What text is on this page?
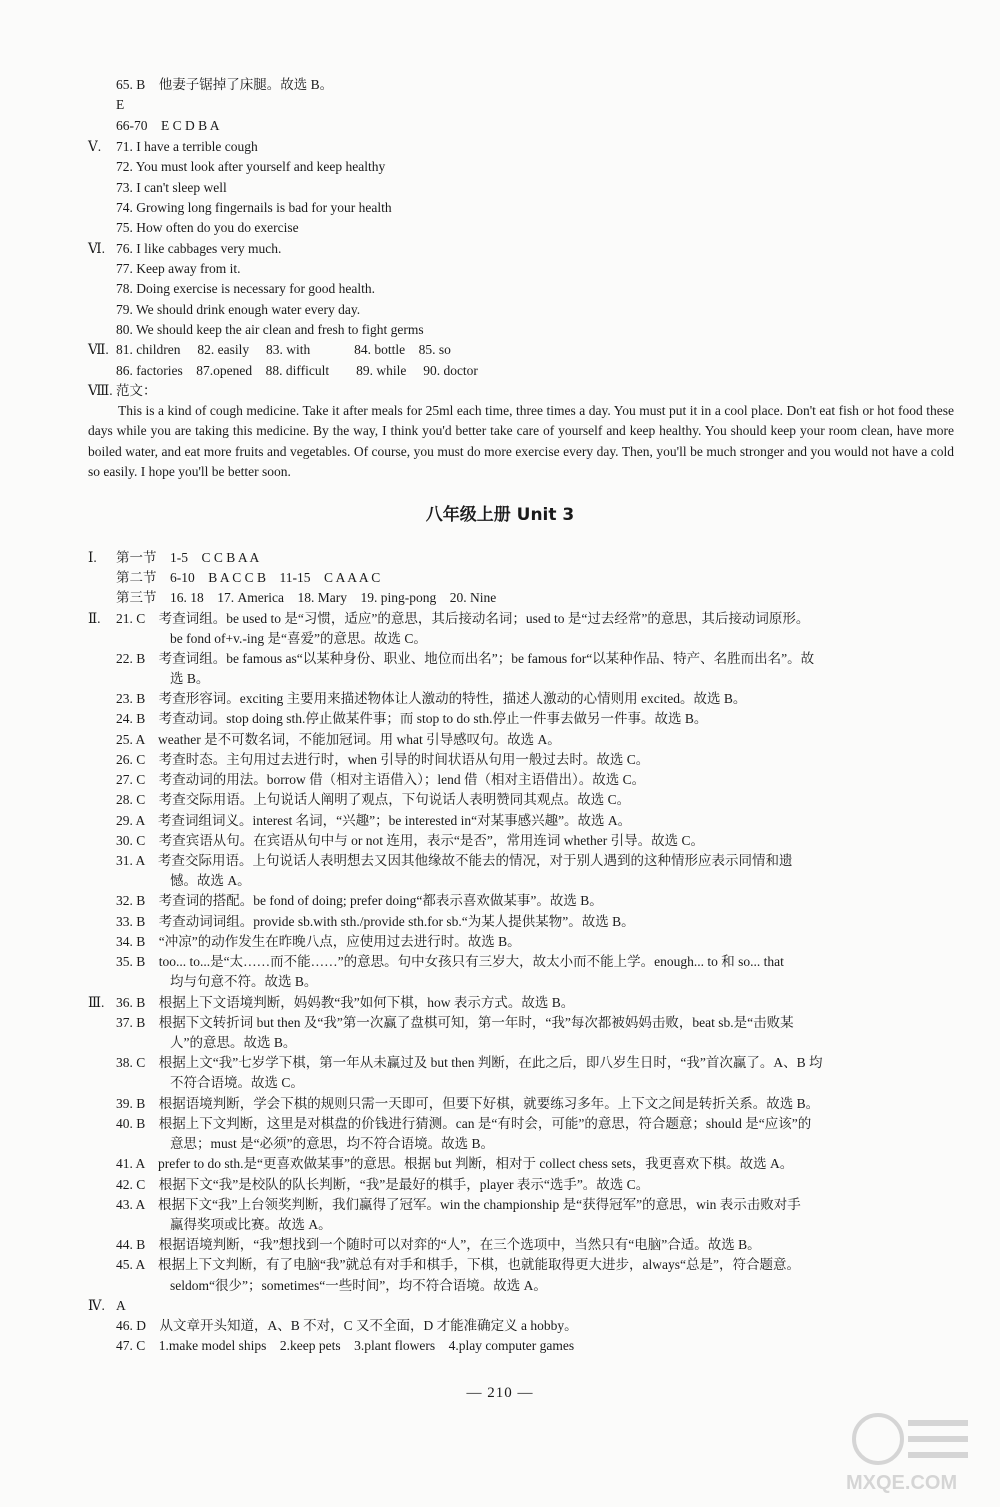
65. B　他妻子锯掉了床腿。故选 B。
E
66-70　E C D B A
Ⅴ. 71. I have a terrible cough
72. You must look after yourself and keep healthy
73. I can't sleep well
74. Growing long fingernails is bad for your health
75. How often do you do exercise
Ⅵ. 76. I like cabbages very much.
77. Keep away from it.
78. Doing exercise is necessary for good health.
79. We should drink enough water every day.
80. We should keep the air clean and fresh to fight germs
Ⅶ. 81. children　 82. easily　 83. with　　　 84. bottle　85. so
86. factories　87.opened　88. difficult　　89. while　 90. doctor
Ⅷ. 范文：
This is a kind of cough medicine. Take it after meals for 25ml each time, three times a day. You must put it in a cool place. Don't eat fish or hot food these days while you are taking this medicine. By the way, I think you'd better take care of yourself and keep healthy. You should keep your room clean, have more boiled water, and eat more fruits and vegetables. Of course, you must do more exercise every day. Then, you'll be much stronger and you would not have a cold so easily. I hope you'll be better soon.
八年级上册 Unit 3
Ⅰ. 第一节　1-5　C C B A A
第二节　6-10　B A C C B　11-15　C A A A C
第三节　16. 18　17. America　18. Mary　19. ping-pong　20. Nine
Ⅱ. 21. C　考查词组。be used to 是“习惯，适应”的意思，其后接动名词；used to 是“过去经常”的意思，其后接动词原形。
be fond of+v.-ing 是“喜爱”的意思。故选 C。
22. B　考查词组。be famous as“以某种身份、职业、地位而出名”；be famous for“以某种作品、特产、名胜而出名”。故
选 B。
23. B　考查形容词。exciting 主要用来描述物体让人激动的特性，描述人激动的心情则用 excited。故选 B。
24. B　考查动词。stop doing sth.停止做某件事；而 stop to do sth.停止一件事去做另一件事。故选 B。
25. A　weather 是不可数名词，不能加冠词。用 what 引导感叹句。故选 A。
26. C　考查时态。主句用过去进行时，when 引导的时间状语从句用一般过去时。故选 C。
27. C　考查动词的用法。borrow 借（相对主语借入）；lend 借（相对主语借出）。故选 C。
28. C　考查交际用语。上句说话人阐明了观点，下句说话人表明赞同其观点。故选 C。
29. A　考查词组词义。interest 名词，“兴趣”；be interested in“对某事感兴趣”。故选 A。
30. C　考查宾语从句。在宾语从句中与 or not 连用，表示“是否”，常用连词 whether 引导。故选 C。
31. A　考查交际用语。上句说话人表明想去又因其他缘故不能去的情况，对于别人遇到的这种情形应表示同情和遗
憾。故选 A。
32. B　考查词的搭配。be fond of doing; prefer doing“都表示喜欢做某事”。故选 B。
33. B　考查动词词组。provide sb.with sth./provide sth.for sb.“为某人提供某物”。故选 B。
34. B　“冲凉”的动作发生在昨晚八点，应使用过去进行时。故选 B。
35. B　too... to...是“太……而不能……”的意思。句中女孩只有三岁大，故太小而不能上学。enough... to 和 so... that
均与句意不符。故选 B。
Ⅲ. 36. B　根据上下文语境判断，妈妈教“我”如何下棋，how 表示方式。故选 B。
37. B　根据下文转折词 but then 及“我”第一次赢了盘棋可知，第一年时，“我”每次都被妈妈击败，beat sb.是“击败某
人”的意思。故选 B。
38. C　根据上文“我”七岁学下棋，第一年从未赢过及 but then 判断，在此之后，即八岁生日时，“我”首次赢了。A、B 均
不符合语境。故选 C。
39. B　根据语境判断，学会下棋的规则只需一天即可，但要下好棋，就要练习多年。上下文之间是转折关系。故选 B。
40. B　根据上下文判断，这里是对棋盘的价钱进行猜测。can 是“有时会，可能”的意思，符合题意；should 是“应该”的
意思；must 是“必须”的意思，均不符合语境。故选 B。
41. A　prefer to do sth.是“更喜欢做某事”的意思。根据 but 判断，相对于 collect chess sets，我更喜欢下棋。故选 A。
42. C　根据下文“我”是校队的队长判断，“我”是最好的棋手，player 表示“选手”。故选 C。
43. A　根据下文“我”上台领奖判断，我们赢得了冠军。win the championship 是“获得冠军”的意思，win 表示击败对手
赢得奖项或比赛。故选 A。
44. B　根据语境判断，“我”想找到一个随时可以对弈的“人”，在三个选项中，当然只有“电脑”合适。故选 B。
45. A　根据上下文判断，有了电脑“我”就总有对手和棋手，下棋，也就能取得更大进步，always“总是”，符合题意。
seldom“很少”；sometimes“一些时间”，均不符合语境。故选 A。
Ⅳ. A
46. D　从文章开头知道，A、B 不对，C 又不全面，D 才能准确定义 a hobby。
47. C　1.make model ships　2.keep pets　3.plant flowers　4.play computer games
— 210 —
MXQE.COM
